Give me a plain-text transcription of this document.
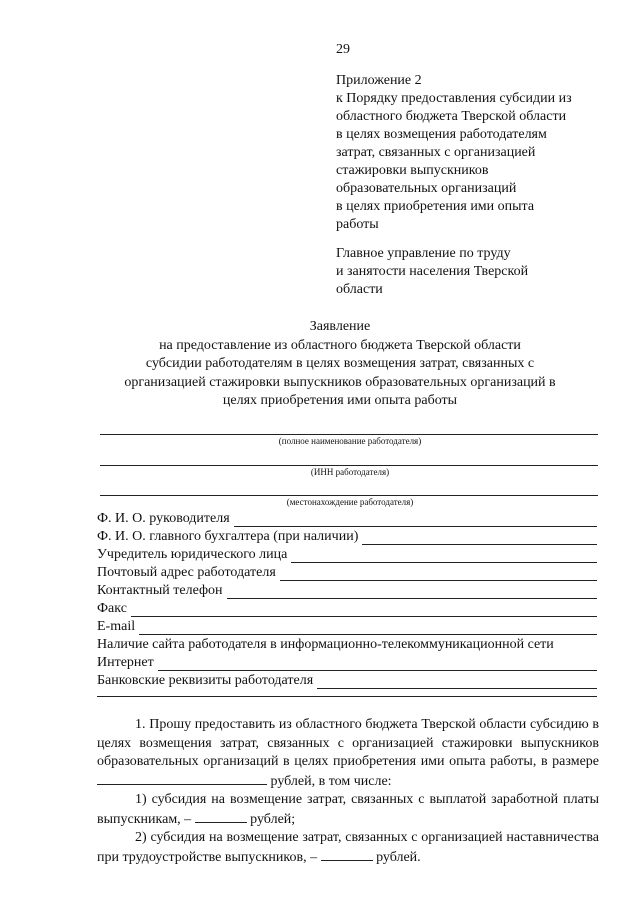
29
Приложение 2
к Порядку предоставления субсидии из
областного бюджета Тверской области
в целях возмещения работодателям
затрат, связанных с организацией
стажировки выпускников
образовательных организаций
в целях приобретения ими опыта
работы
Главное управление по труду
и занятости населения Тверской
области
Заявление
на предоставление из областного бюджета Тверской области
субсидии работодателям в целях возмещения затрат, связанных с
организацией стажировки выпускников образовательных организаций в
целях приобретения ими опыта работы
(полное наименование работодателя)
(ИНН работодателя)
(местонахождение работодателя)
Ф. И. О. руководителя
Ф. И. О. главного бухгалтера (при наличии)
Учредитель юридического лица
Почтовый адрес работодателя
Контактный телефон
Факс
E-mail
Наличие сайта работодателя в информационно-телекоммуникационной сети
Интернет
Банковские реквизиты работодателя

1. Прошу предоставить из областного бюджета Тверской области субсидию в целях возмещения затрат, связанных с организацией стажировки выпускников образовательных организаций в целях приобретения ими опыта работы, в размере  рублей, в том числе:

1) субсидия на возмещение затрат, связанных с выплатой заработной платы выпускникам, –	рублей;

2) субсидия на возмещение затрат, связанных с организацией наставничества при трудоустройстве выпускников, –	рублей.
